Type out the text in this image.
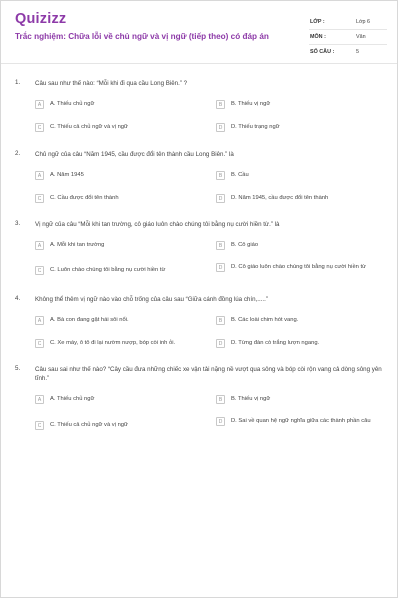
Quizizz
Trắc nghiệm: Chữa lỗi về chủ ngữ và vị ngữ (tiếp theo) có đáp án
LỚP :	Lớp 6
MÔN :	Văn
SỐ CÂU :	5
1. Câu sau như thế nào: “Mỗi khi đi qua cầu Long Biên.” ?
A	A. Thiếu chủ ngữ	B	B. Thiếu vị ngữ
C	C. Thiếu cả chủ ngữ và vị ngữ	D	D. Thiếu trạng ngữ
2. Chủ ngữ của câu “Năm 1945, cầu được đổi tên thành cầu Long Biên.” là
A	A. Năm 1945	B	B. Cầu
C	C. Cầu được đổi tên thành	D	D. Năm 1945, cầu được đổi tên thành
3. Vị ngữ của câu “Mỗi khi tan trường, cô giáo luôn chào chúng tôi bằng nụ cười hiền từ.” là
A	A. Mỗi khi tan trường	B	B. Cô giáo
C	C. Luôn chào chúng tôi bằng nụ cười hiền từ	D	D. Cô giáo luôn chào chúng tôi bằng nụ cười hiền từ
4. Không thể thêm vị ngữ nào vào chỗ trống của câu sau “Giữa cánh đồng lúa chín,.....”
A	A. Bà con đang gặt hái sôi nổi.	B	B. Các loài chim hót vang.
C	C. Xe máy, ô tô đi lại nườm nượp, bóp còi inh ỏi.	D	D. Từng đàn cò trắng lượn ngang.
5. Câu sau sai như thế nào? “Cây cầu đưa những chiếc xe vận tải nặng nề vượt qua sông và bóp còi rộn vang cả dòng sông yên tĩnh.”
A	A. Thiếu chủ ngữ	B	B. Thiếu vị ngữ
C	C. Thiếu cả chủ ngữ và vị ngữ
D	D. Sai về quan hệ ngữ nghĩa giữa các thành phần câu
